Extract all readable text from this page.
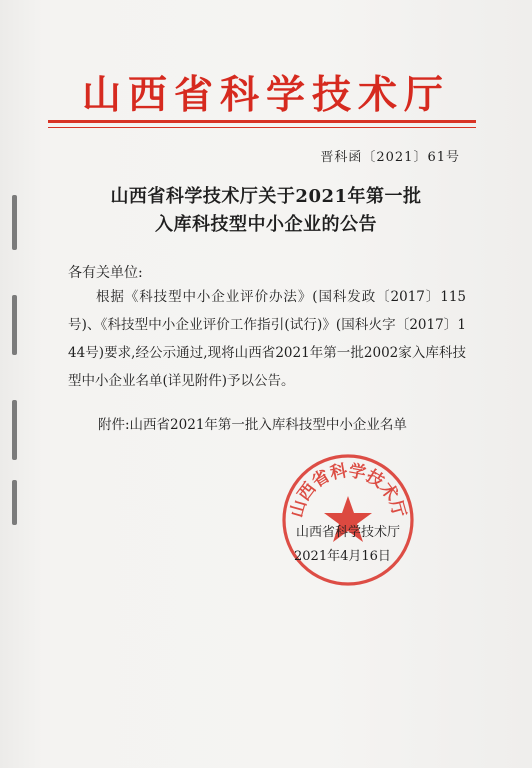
山西省科学技术厅
晋科函〔2021〕61号
山西省科学技术厅关于2021年第一批
入库科技型中小企业的公告
各有关单位:

根据《科技型中小企业评价办法》(国科发政〔2017〕115号)、《科技型中小企业评价工作指引(试行)》(国科火字〔2017〕144号)要求,经公示通过,现将山西省2021年第一批2002家入库科技型中小企业名单(详见附件)予以公告。

附件:山西省2021年第一批入库科技型中小企业名单
山西省科学技术厅
山西省科学技术厅
2021年4月16日
